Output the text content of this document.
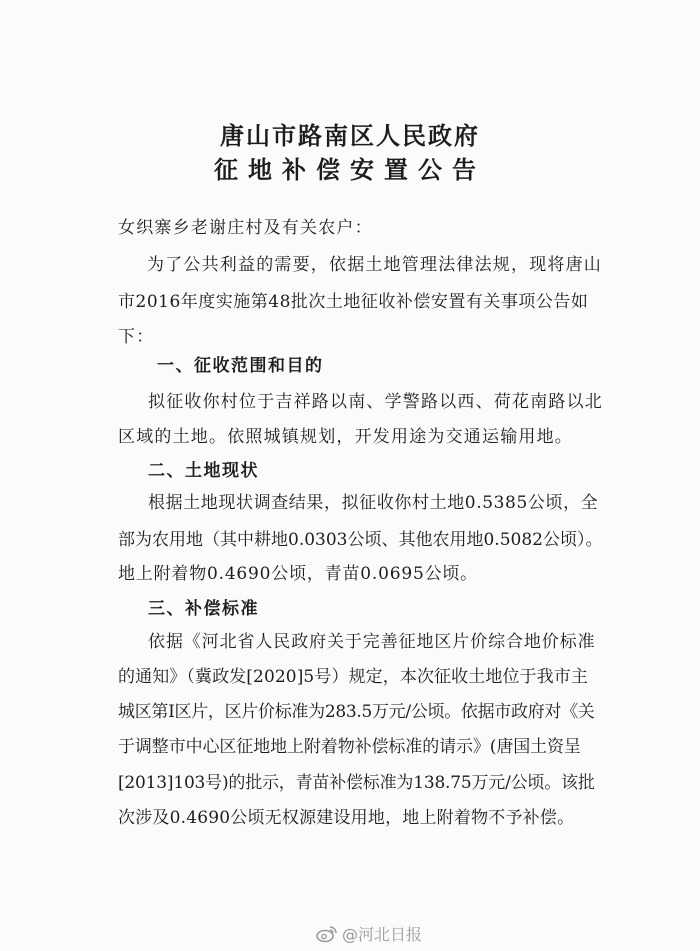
唐山市路南区人民政府
征地补偿安置公告
女织寨乡老谢庄村及有关农户：
为了公共利益的需要，依据土地管理法律法规，现将唐山
市2016年度实施第48批次土地征收补偿安置有关事项公告如
下：
一、征收范围和目的
拟征收你村位于吉祥路以南、学警路以西、荷花南路以北
区域的土地。依照城镇规划，开发用途为交通运输用地。
二、土地现状
根据土地现状调查结果，拟征收你村土地0.5385公顷，全
部为农用地（其中耕地0.0303公顷、其他农用地0.5082公顷）。
地上附着物0.4690公顷，青苗0.0695公顷。
三、补偿标准
依据《河北省人民政府关于完善征地区片价综合地价标准
的通知》（冀政发[2020]5号）规定，本次征收土地位于我市主
城区第I区片，区片价标准为283.5万元/公顷。依据市政府对《关
于调整市中心区征地地上附着物补偿标准的请示》(唐国土资呈
[2013]103号)的批示，青苗补偿标准为138.75万元/公顷。该批
次涉及0.4690公顷无权源建设用地，地上附着物不予补偿。
@河北日报
